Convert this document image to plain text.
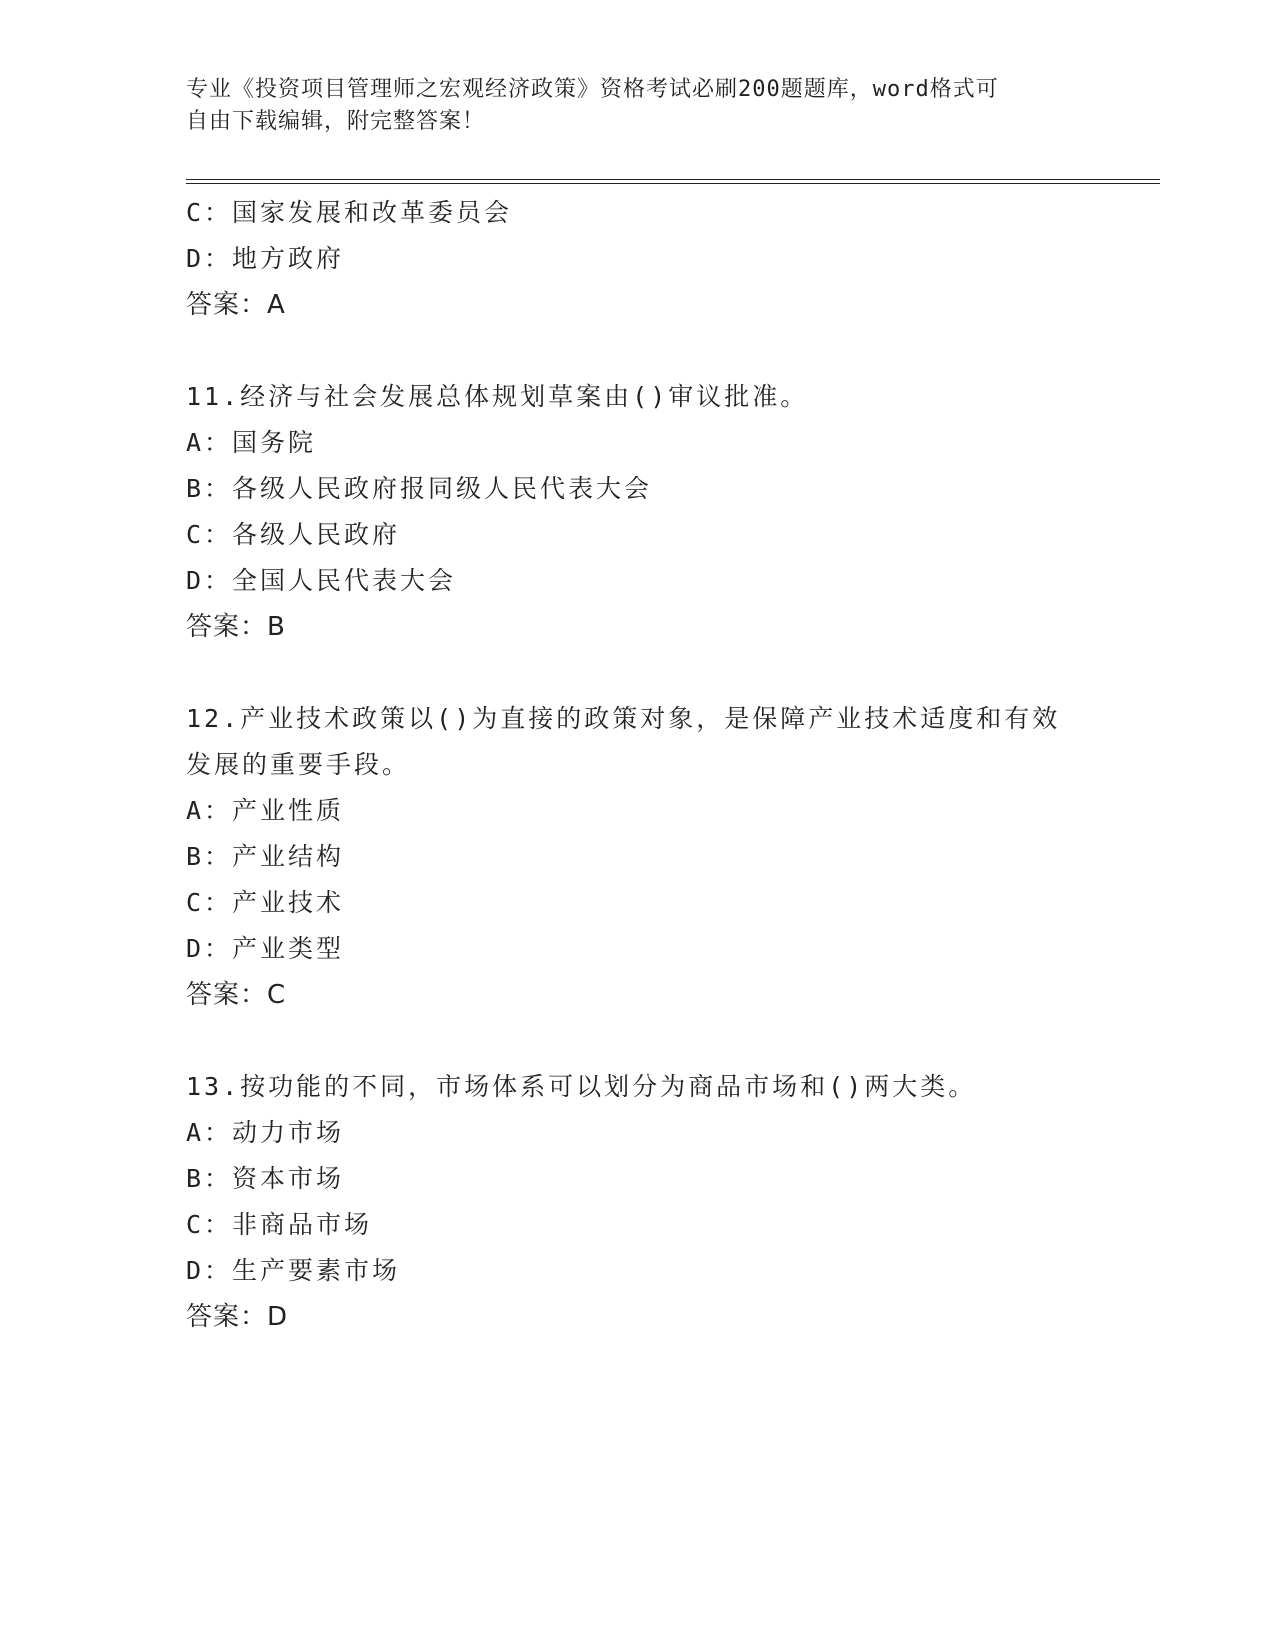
专业《投资项目管理师之宏观经济政策》资格考试必刷200题题库，word格式可
自由下载编辑，附完整答案！
C：国家发展和改革委员会
D：地方政府
答案：A
11.经济与社会发展总体规划草案由()审议批准。
A：国务院
B：各级人民政府报同级人民代表大会
C：各级人民政府
D：全国人民代表大会
答案：B
12.产业技术政策以()为直接的政策对象，是保障产业技术适度和有效
发展的重要手段。
A：产业性质
B：产业结构
C：产业技术
D：产业类型
答案：C
13.按功能的不同，市场体系可以划分为商品市场和()两大类。
A：动力市场
B：资本市场
C：非商品市场
D：生产要素市场
答案：D
